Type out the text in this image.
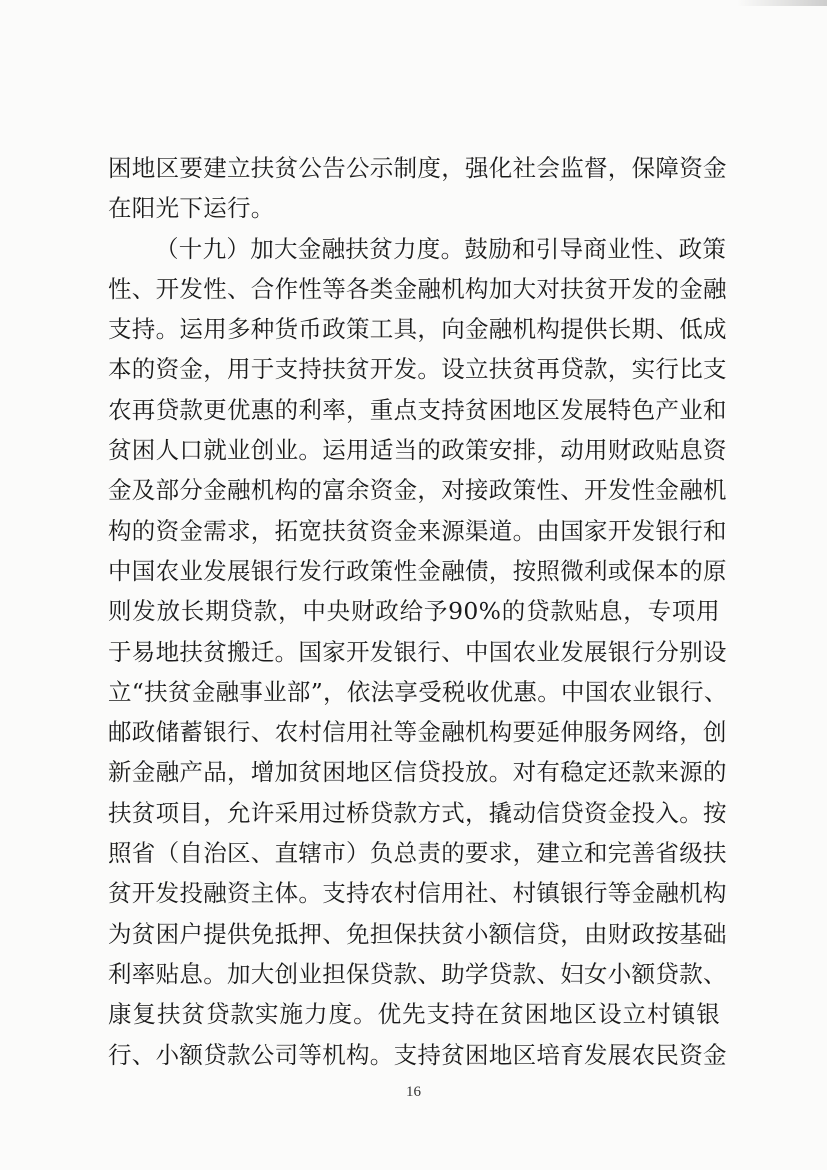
困地区要建立扶贫公告公示制度，强化社会监督，保障资金
在阳光下运行。
（十九）加大金融扶贫力度。鼓励和引导商业性、政策
性、开发性、合作性等各类金融机构加大对扶贫开发的金融
支持。运用多种货币政策工具，向金融机构提供长期、低成
本的资金，用于支持扶贫开发。设立扶贫再贷款，实行比支
农再贷款更优惠的利率，重点支持贫困地区发展特色产业和
贫困人口就业创业。运用适当的政策安排，动用财政贴息资
金及部分金融机构的富余资金，对接政策性、开发性金融机
构的资金需求，拓宽扶贫资金来源渠道。由国家开发银行和
中国农业发展银行发行政策性金融债，按照微利或保本的原
则发放长期贷款，中央财政给予90%的贷款贴息，专项用
于易地扶贫搬迁。国家开发银行、中国农业发展银行分别设
立“扶贫金融事业部”，依法享受税收优惠。中国农业银行、
邮政储蓄银行、农村信用社等金融机构要延伸服务网络，创
新金融产品，增加贫困地区信贷投放。对有稳定还款来源的
扶贫项目，允许采用过桥贷款方式，撬动信贷资金投入。按
照省（自治区、直辖市）负总责的要求，建立和完善省级扶
贫开发投融资主体。支持农村信用社、村镇银行等金融机构
为贫困户提供免抵押、免担保扶贫小额信贷，由财政按基础
利率贴息。加大创业担保贷款、助学贷款、妇女小额贷款、
康复扶贫贷款实施力度。优先支持在贫困地区设立村镇银
行、小额贷款公司等机构。支持贫困地区培育发展农民资金
16
